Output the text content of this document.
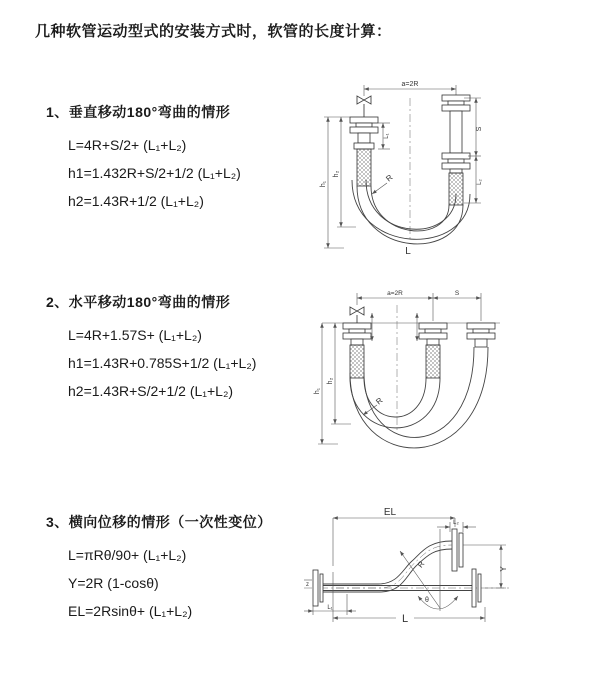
几种软管运动型式的安装方式时，软管的长度计算：
1、垂直移动180°弯曲的情形
L=4R+S/2+ (L₁+L₂)
h1=1.432R+S/2+1/2 (L₁+L₂)
h2=1.43R+1/2 (L₁+L₂)
2、水平移动180°弯曲的情形
L=4R+1.57S+ (L₁+L₂)
h1=1.43R+0.785S+1/2 (L₁+L₂)
h2=1.43R+S/2+1/2 (L₁+L₂)
3、横向位移的情形（一次性变位）
L=πRθ/90+ (L₁+L₂)
Y=2R (1-cosθ)
EL=2Rsinθ+ (L₁+L₂)
a=2R
h₁
h₂
L₁
S
L₂
R
L
a=2R	S
h₁
h₂
R
z
EL
L₂
R
θ
Y
L₁
L
